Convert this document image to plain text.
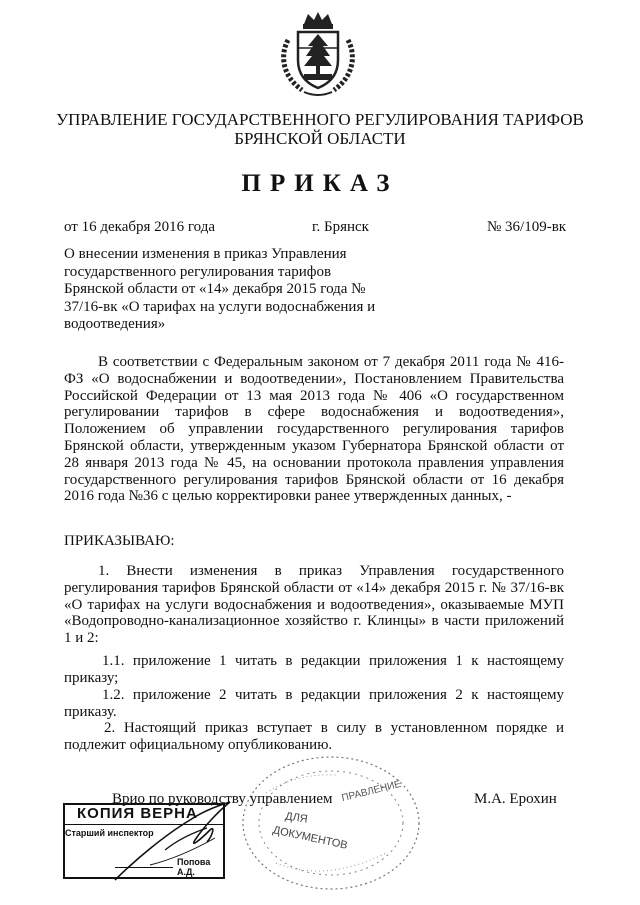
УПРАВЛЕНИЕ ГОСУДАРСТВЕННОГО РЕГУЛИРОВАНИЯ ТАРИФОВ
БРЯНСКОЙ ОБЛАСТИ
ПРИКАЗ
от 16 декабря 2016 года	г. Брянск	№ 36/109-вк
О внесении изменения в приказ Управления государственного регулирования тарифов Брянской области от «14» декабря 2015 года № 37/16-вк «О тарифах на услуги водоснабжения и водоотведения»
В соответствии с Федеральным законом от 7 декабря 2011 года № 416-ФЗ «О водоснабжении и водоотведении», Постановлением Правительства Российской Федерации от 13 мая 2013 года № 406 «О государственном регулировании тарифов в сфере водоснабжения и водоотведения», Положением об управлении государственного регулирования тарифов Брянской области, утвержденным указом Губернатора Брянской области от 28 января 2013 года № 45, на основании протокола правления управления государственного регулирования тарифов Брянской области от 16 декабря 2016 года №36 с целью корректировки ранее утвержденных данных, -
ПРИКАЗЫВАЮ:
1. Внести изменения в приказ Управления государственного регулирования тарифов Брянской области от «14» декабря 2015 г. № 37/16-вк «О тарифах на услуги водоснабжения и водоотведения», оказываемые МУП «Водопроводно-канализационное хозяйство г. Клинцы» в части приложений 1 и 2:
1.1. приложение 1 читать в редакции приложения 1 к настоящему приказу;
1.2. приложение 2 читать в редакции приложения 2 к настоящему приказу.
2. Настоящий приказ вступает в силу в установленном порядке и подлежит официальному опубликованию.
ПРАВЛЕНИЕ
ДЛЯ
ДОКУМЕНТОВ
Врио по руководству управлением	М.А. Ерохин
КОПИЯ ВЕРНА
Старший инспектор
Попова А.Д.
